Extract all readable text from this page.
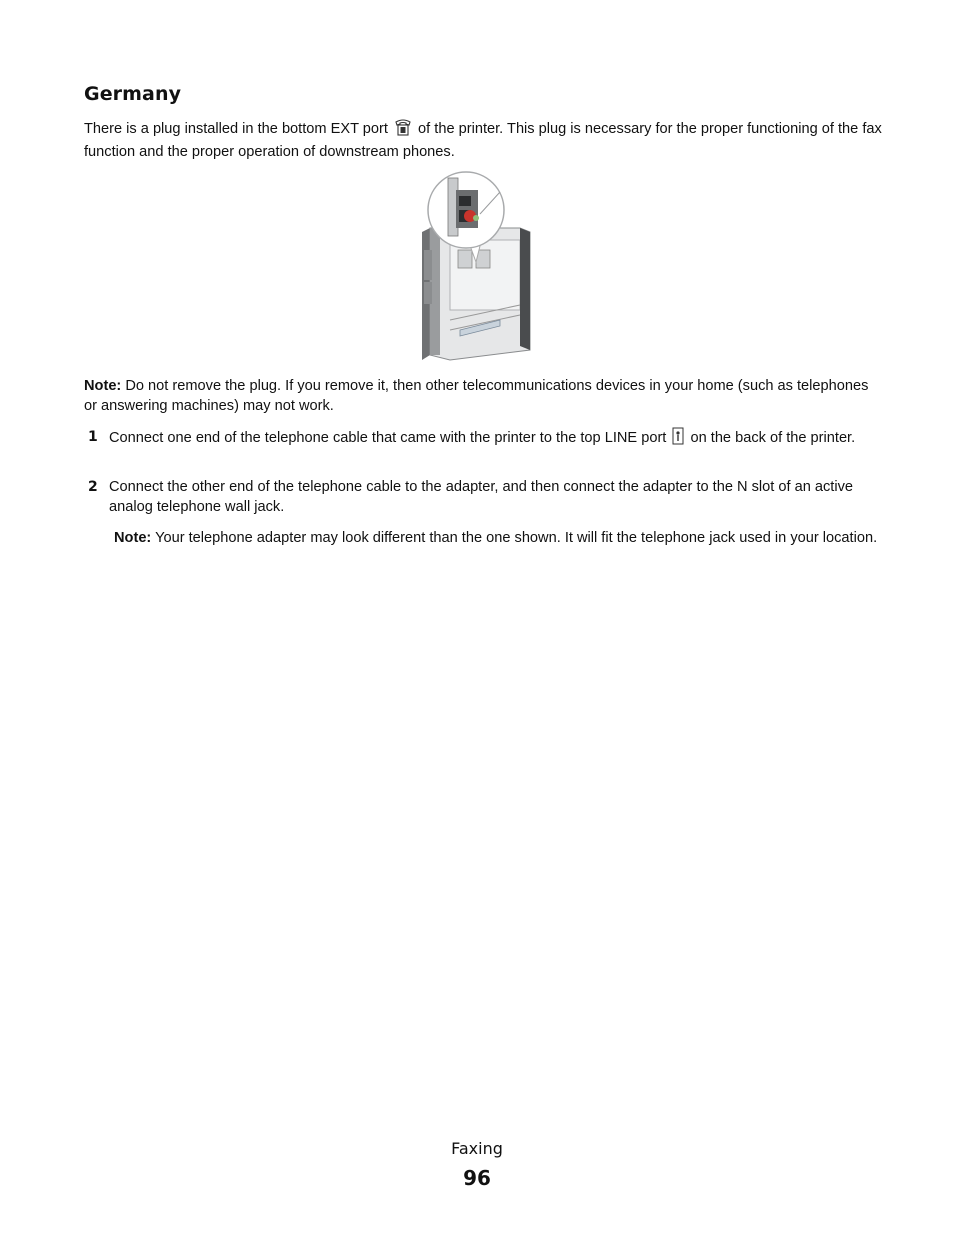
Germany

There is a plug installed in the bottom EXT port  of the printer. This plug is necessary for the proper functioning of the fax function and the proper operation of downstream phones.

Note: Do not remove the plug. If you remove it, then other telecommunications devices in your home (such as telephones or answering machines) may not work.

1 Connect one end of the telephone cable that came with the printer to the top LINE port  on the back of the printer.
2 Connect the other end of the telephone cable to the adapter, and then connect the adapter to the N slot of an active analog telephone wall jack.

Note: Your telephone adapter may look different than the one shown. It will fit the telephone jack used in your location.

Faxing
96
